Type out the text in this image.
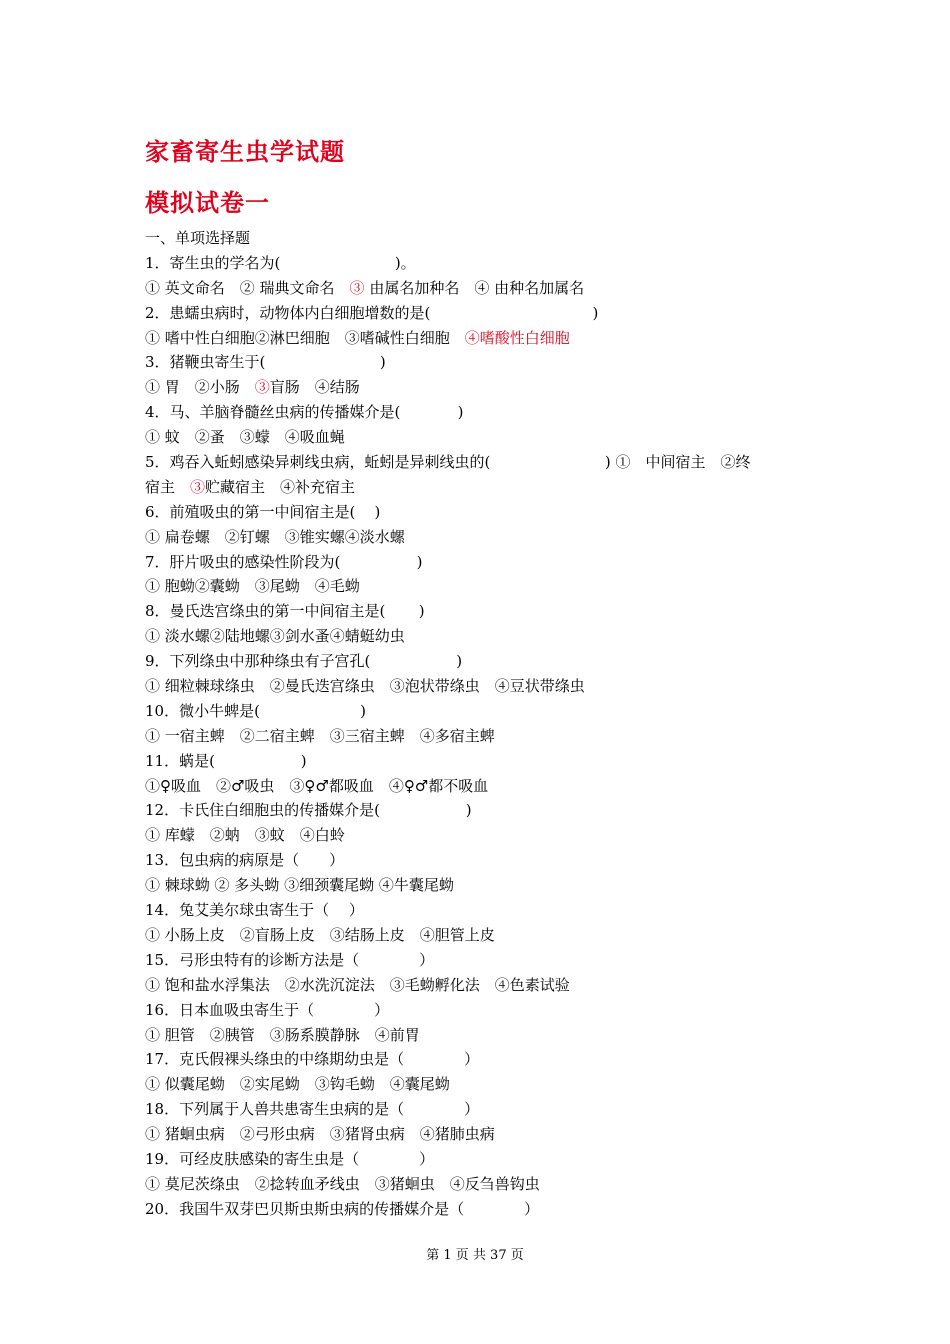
家畜寄生虫学试题
模拟试卷一
一、单项选择题
1．寄生虫的学名为(                        )。
① 英文命名　② 瑞典文命名　③ 由属名加种名　④ 由种名加属名
2．患蠕虫病时，动物体内白细胞增数的是(                                  )
① 嗜中性白细胞②淋巴细胞　③嗜碱性白细胞　④嗜酸性白细胞
3．猪鞭虫寄生于(                        )
① 胃　②小肠　③盲肠　④结肠
4．马、羊脑脊髓丝虫病的传播媒介是(            )
① 蚊　②蚤　③蠓　④吸血蝇
5．鸡吞入蚯蚓感染异刺线虫病，蚯蚓是异刺线虫的(                        ) ①　中间宿主　②终
宿主　③贮藏宿主　④补充宿主
6．前殖吸虫的第一中间宿主是(    )
① 扁卷螺　②钉螺　③锥实螺④淡水螺
7．肝片吸虫的感染性阶段为(                )
① 胞蚴②囊蚴　③尾蚴　④毛蚴
8．曼氏迭宫绦虫的第一中间宿主是(       )
① 淡水螺②陆地螺③剑水蚤④蜻蜓幼虫
9．下列绦虫中那种绦虫有子宫孔(                  )
① 细粒棘球绦虫　②曼氏迭宫绦虫　③泡状带绦虫　④豆状带绦虫
10．微小牛蜱是(                     )
① 一宿主蜱　②二宿主蜱　③三宿主蜱　④多宿主蜱
11．蜹是(                  )
①♀吸血　②♂吸虫　③♀♂都吸血　④♀♂都不吸血
12．卡氏住白细胞虫的传播媒介是(                  )
① 库蠓　②蚋　③蚊　④白蛉
13．包虫病的病原是（　　）
① 棘球蚴 ② 多头蚴 ③细颈囊尾蚴 ④牛囊尾蚴
14．兔艾美尔球虫寄生于（　 ）
① 小肠上皮　②盲肠上皮　③结肠上皮　④胆管上皮
15．弓形虫特有的诊断方法是（　　　　）
① 饱和盐水浮集法　②水洗沉淀法　③毛蚴孵化法　④色素试验
16．日本血吸虫寄生于（　　　　）
① 胆管　②胰管　③肠系膜静脉　④前胃
17．克氏假裸头绦虫的中绦期幼虫是（　　　　）
① 似囊尾蚴　②实尾蚴　③钩毛蚴　④囊尾蚴
18．下列属于人兽共患寄生虫病的是（　　　　）
① 猪蛔虫病　②弓形虫病　③猪肾虫病　④猪肺虫病
19．可经皮肤感染的寄生虫是（　　　　）
① 莫尼茨绦虫　②捻转血矛线虫　③猪蛔虫　④反刍兽钩虫
20．我国牛双芽巴贝斯虫斯虫病的传播媒介是（　　　　）
第 1 页 共 37 页
